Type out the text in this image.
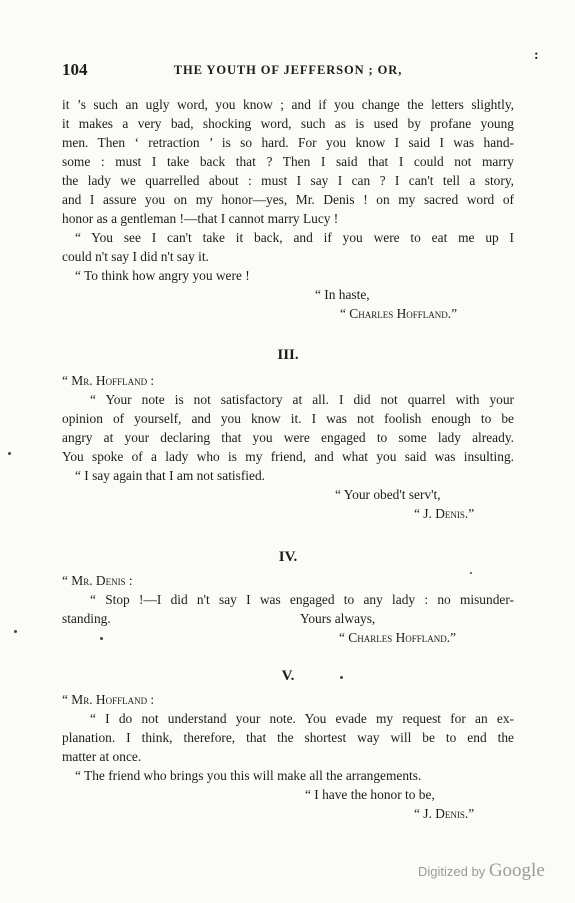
:
104	THE YOUTH OF JEFFERSON ; OR,
it ’s such an ugly word, you know ; and if you change the letters slightly,
it makes a very bad, shocking word, such as is used by profane young
men. Then ‘ retraction ’ is so hard. For you know I said I was hand-
some : must I take back that ? Then I said that I could not marry
the lady we quarrelled about : must I say I can ? I can't tell a story,
and I assure you on my honor—yes, Mr. Denis ! on my sacred word of
honor as a gentleman !—that I cannot marry Lucy !
“ You see I can't take it back, and if you were to eat me up I
could n't say I did n't say it.
“ To think how angry you were !
“ In haste,
“ Charles Hoffland.”
III.
“ Mr. Hoffland :
“ Your note is not satisfactory at all. I did not quarrel with your
opinion of yourself, and you know it. I was not foolish enough to be
angry at your declaring that you were engaged to some lady already.
You spoke of a lady who is my friend, and what you said was insulting.
“ I say again that I am not satisfied.
“ Your obed't serv't,
“ J. Denis.”
IV.
“ Mr. Denis :
“ Stop !—I did n't say I was engaged to any lady : no misunder-
standing.	Yours always,
“ Charles Hoffland.”
V.
“ Mr. Hoffland :
“ I do not understand your note. You evade my request for an ex-
planation. I think, therefore, that the shortest way will be to end the
matter at once.
“ The friend who brings you this will make all the arrangements.
“ I have the honor to be,
“ J. Denis.”
Digitized by Google
